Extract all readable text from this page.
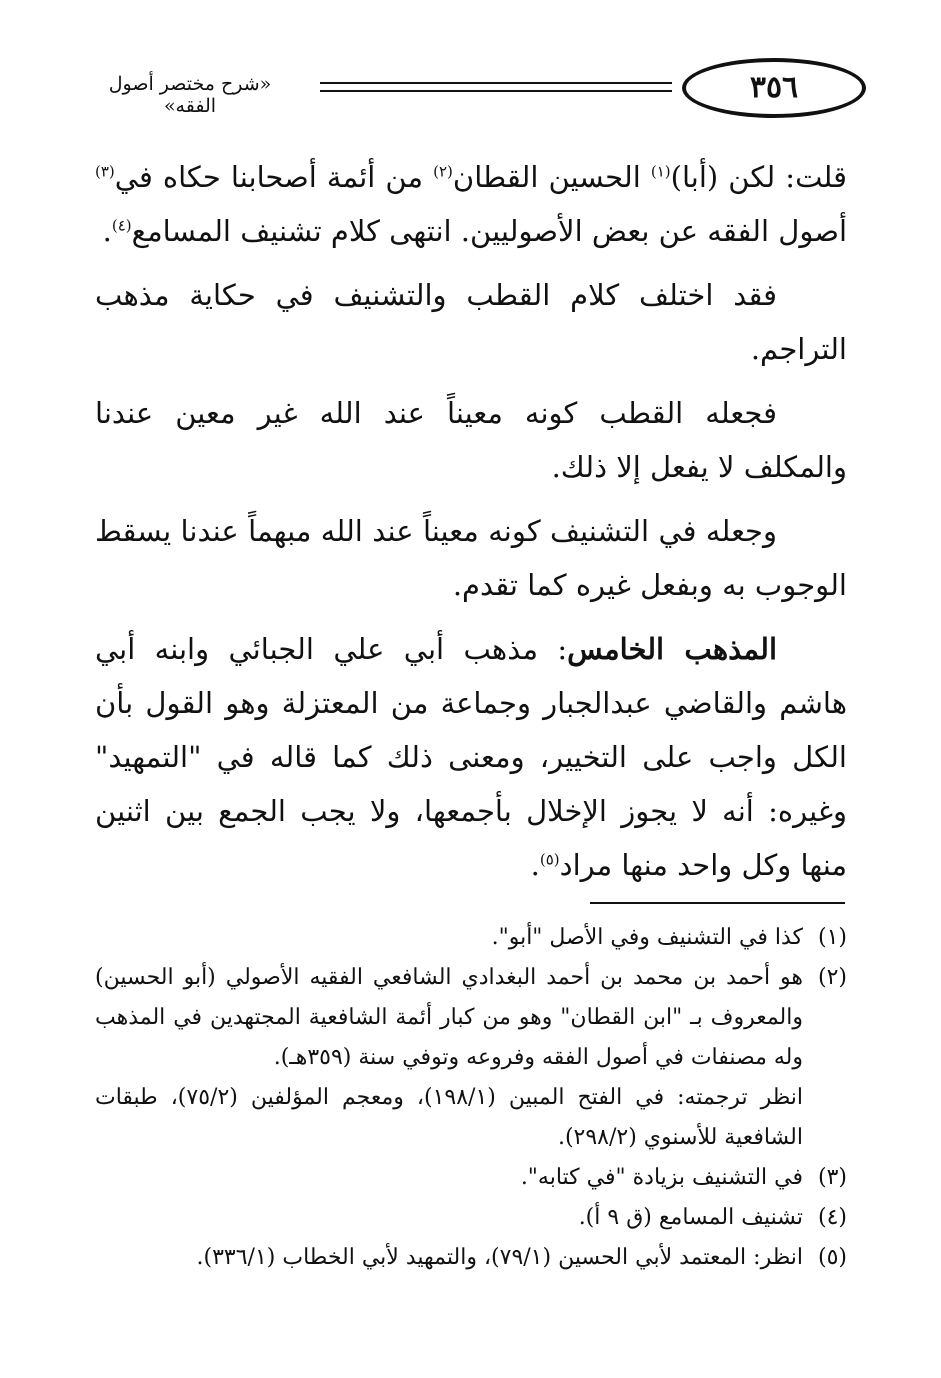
٣٥٦
«شرح مختصر أصول الفقه»

قلت: لكن (أبا)$^{(١)}$ الحسين القطان$^{(٢)}$ من أئمة أصحابنا حكاه في$^{(٣)}$ أصول الفقه عن بعض الأصوليين. انتهى كلام تشنيف المسامع$^{(٤)}$.

فقد اختلف كلام القطب والتشنيف في حكاية مذهب التراجم.

فجعله القطب كونه معيناً عند الله غير معين عندنا والمكلف لا يفعل إلا ذلك.

وجعله في التشنيف كونه معيناً عند الله مبهماً عندنا يسقط الوجوب به وبفعل غيره كما تقدم.

المذهب الخامس: مذهب أبي علي الجبائي وابنه أبي هاشم والقاضي عبدالجبار وجماعة من المعتزلة وهو القول بأن الكل واجب على التخيير، ومعنى ذلك كما قاله في "التمهيد" وغيره: أنه لا يجوز الإخلال بأجمعها، ولا يجب الجمع بين اثنين منها وكل واحد منها مراد$^{(٥)}$.

(١)
كذا في التشنيف وفي الأصل "أبو".
(٢)
هو أحمد بن محمد بن أحمد البغدادي الشافعي الفقيه الأصولي (أبو الحسين) والمعروف بـ "ابن القطان" وهو من كبار أئمة الشافعية المجتهدين في المذهب وله مصنفات في أصول الفقه وفروعه وتوفي سنة (٣٥٩هـ).
انظر ترجمته: في الفتح المبين (١٩٨/١)، ومعجم المؤلفين (٧٥/٢)، طبقات الشافعية للأسنوي (٢٩٨/٢).
(٣)
في التشنيف بزيادة "في كتابه".
(٤)
تشنيف المسامع (ق ٩ أ).
(٥)
انظر: المعتمد لأبي الحسين (٧٩/١)، والتمهيد لأبي الخطاب (٣٣٦/١).
